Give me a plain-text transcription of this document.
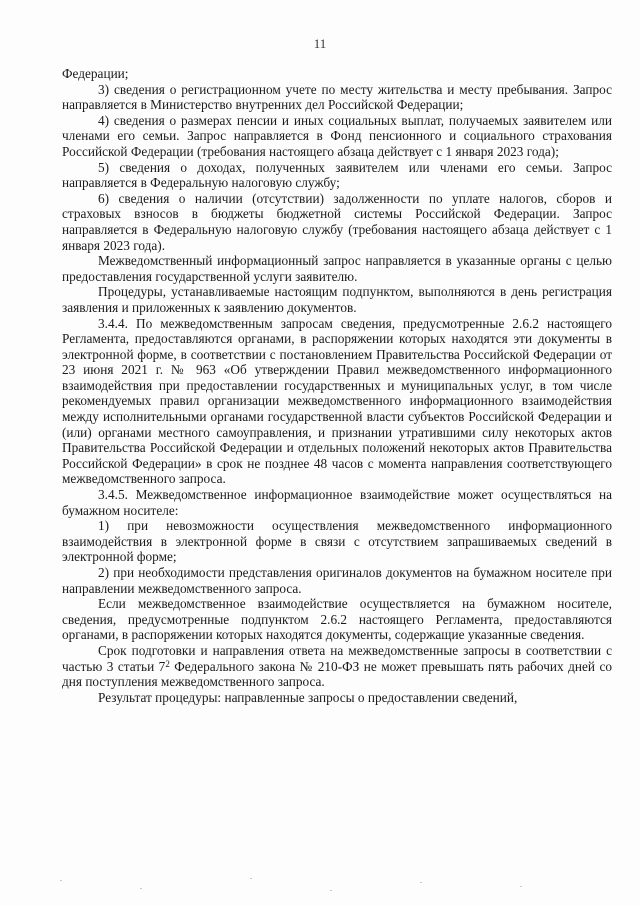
11

Федерации;

3) сведения о регистрационном учете по месту жительства и месту пребывания. Запрос направляется в Министерство внутренних дел Российской Федерации;

4) сведения о размерах пенсии и иных социальных выплат, получаемых заявителем или членами его семьи. Запрос направляется в Фонд пенсионного и социального страхования Российской Федерации (требования настоящего абзаца действует с 1 января 2023 года);

5) сведения о доходах, полученных заявителем или членами его семьи. Запрос направляется в Федеральную налоговую службу;

6) сведения о наличии (отсутствии) задолженности по уплате налогов, сборов и страховых взносов в бюджеты бюджетной системы Российской Федерации. Запрос направляется в Федеральную налоговую службу (требования настоящего абзаца действует с 1 января 2023 года).

Межведомственный информационный запрос направляется в указанные органы с целью предоставления государственной услуги заявителю.

Процедуры, устанавливаемые настоящим подпунктом, выполняются в день регистрация заявления и приложенных к заявлению документов.

3.4.4. По межведомственным запросам сведения, предусмотренные 2.6.2 настоящего Регламента, предоставляются органами, в распоряжении которых находятся эти документы в электронной форме, в соответствии с постановлением Правительства Российской Федерации от 23 июня 2021 г. № 963 «Об утверждении Правил межведомственного информационного взаимодействия при предоставлении государственных и муниципальных услуг, в том числе рекомендуемых правил организации межведомственного информационного взаимодействия между исполнительными органами государственной власти субъектов Российской Федерации и (или) органами местного самоуправления, и признании утратившими силу некоторых актов Правительства Российской Федерации и отдельных положений некоторых актов Правительства Российской Федерации» в срок не позднее 48 часов с момента направления соответствующего межведомственного запроса.

3.4.5. Межведомственное информационное взаимодействие может осуществляться на бумажном носителе:

1) при невозможности осуществления межведомственного информационного взаимодействия в электронной форме в связи с отсутствием запрашиваемых сведений в электронной форме;

2) при необходимости представления оригиналов документов на бумажном носителе при направлении межведомственного запроса.

Если межведомственное взаимодействие осуществляется на бумажном носителе, сведения, предусмотренные подпунктом 2.6.2 настоящего Регламента, предоставляются органами, в распоряжении которых находятся документы, содержащие указанные сведения.

Срок подготовки и направления ответа на межведомственные запросы в соответствии с частью 3 статьи $7^2$ Федерального закона № 210-ФЗ не может превышать пять рабочих дней со дня поступления межведомственного запроса.

Результат процедуры: направленные запросы о предоставлении сведений,
